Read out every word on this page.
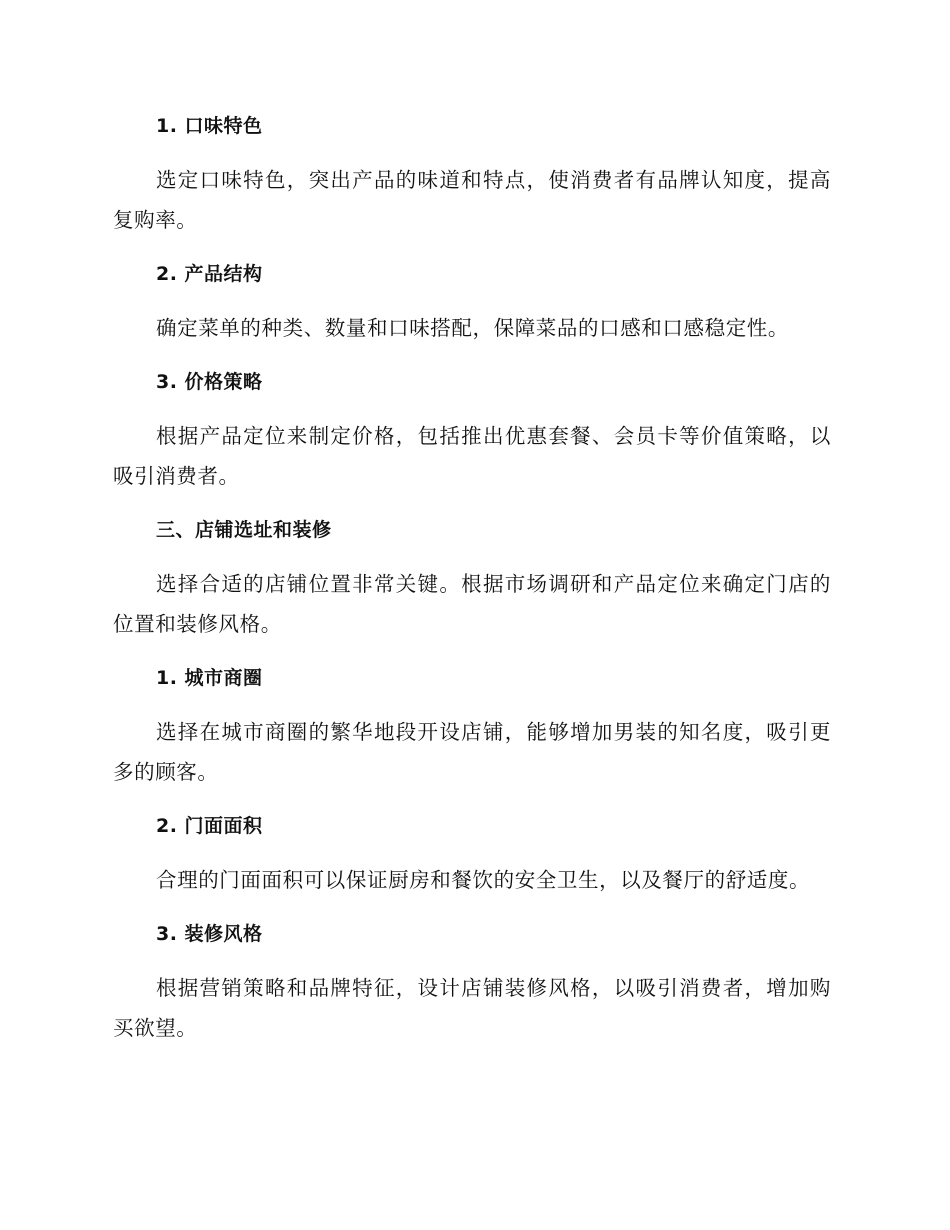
1. 口味特色
选定口味特色，突出产品的味道和特点，使消费者有品牌认知度，提高复购率。
2. 产品结构
确定菜单的种类、数量和口味搭配，保障菜品的口感和口感稳定性。
3. 价格策略
根据产品定位来制定价格，包括推出优惠套餐、会员卡等价值策略，以吸引消费者。
三、店铺选址和装修
选择合适的店铺位置非常关键。根据市场调研和产品定位来确定门店的位置和装修风格。
1. 城市商圈
选择在城市商圈的繁华地段开设店铺，能够增加男装的知名度，吸引更多的顾客。
2. 门面面积
合理的门面面积可以保证厨房和餐饮的安全卫生，以及餐厅的舒适度。
3. 装修风格
根据营销策略和品牌特征，设计店铺装修风格，以吸引消费者，增加购买欲望。
